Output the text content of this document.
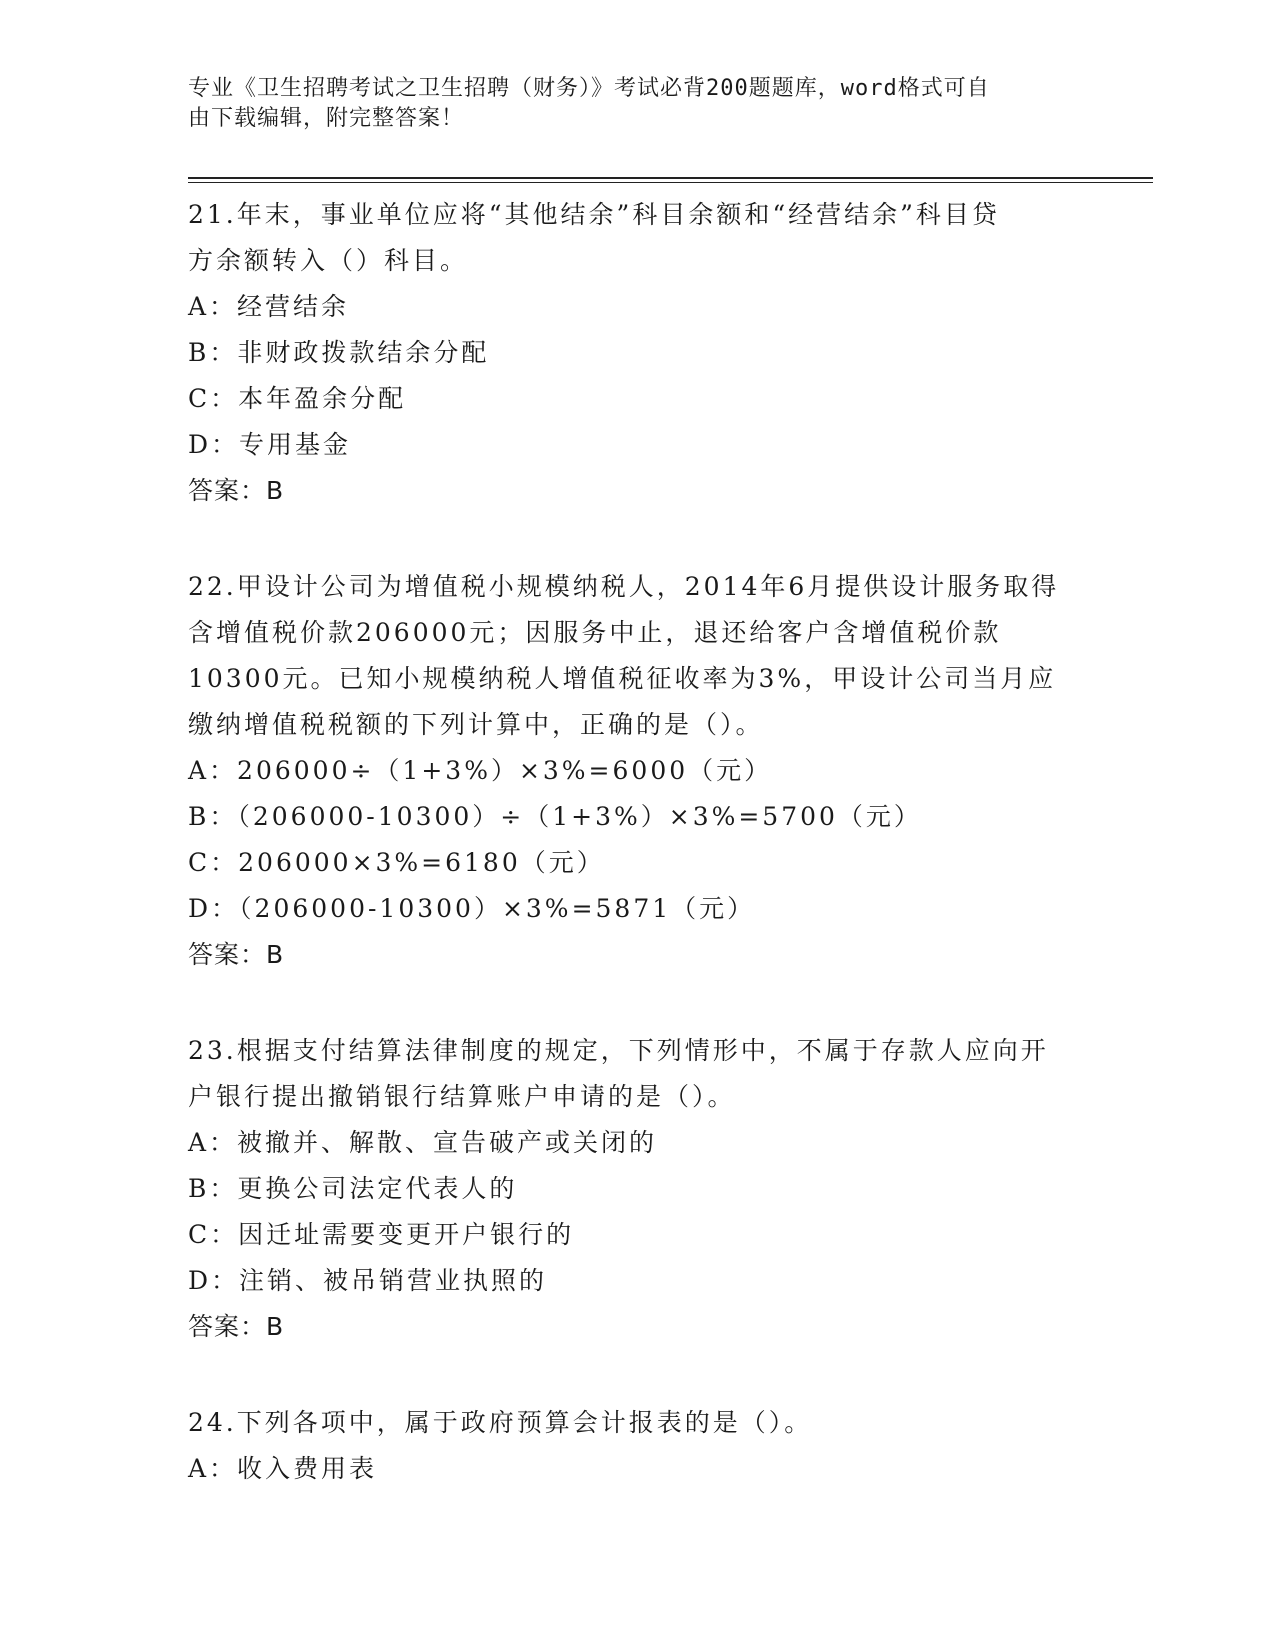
专业《卫生招聘考试之卫生招聘（财务）》考试必背200题题库，word格式可自
由下载编辑，附完整答案！
21.年末，事业单位应将“其他结余”科目余额和“经营结余”科目贷
方余额转入（）科目。
A：经营结余
B：非财政拨款结余分配
C：本年盈余分配
D：专用基金
答案：B
22.甲设计公司为增值税小规模纳税人，2014年6月提供设计服务取得
含增值税价款206000元；因服务中止，退还给客户含增值税价款
10300元。已知小规模纳税人增值税征收率为3%，甲设计公司当月应
缴纳增值税税额的下列计算中，正确的是（）。
A：206000÷（1+3%）×3%=6000（元）
B：（206000-10300）÷（1+3%）×3%=5700（元）
C：206000×3%=6180（元）
D：（206000-10300）×3%=5871（元）
答案：B
23.根据支付结算法律制度的规定，下列情形中，不属于存款人应向开
户银行提出撤销银行结算账户申请的是（）。
A：被撤并、解散、宣告破产或关闭的
B：更换公司法定代表人的
C：因迁址需要变更开户银行的
D：注销、被吊销营业执照的
答案：B
24.下列各项中，属于政府预算会计报表的是（）。
A：收入费用表
